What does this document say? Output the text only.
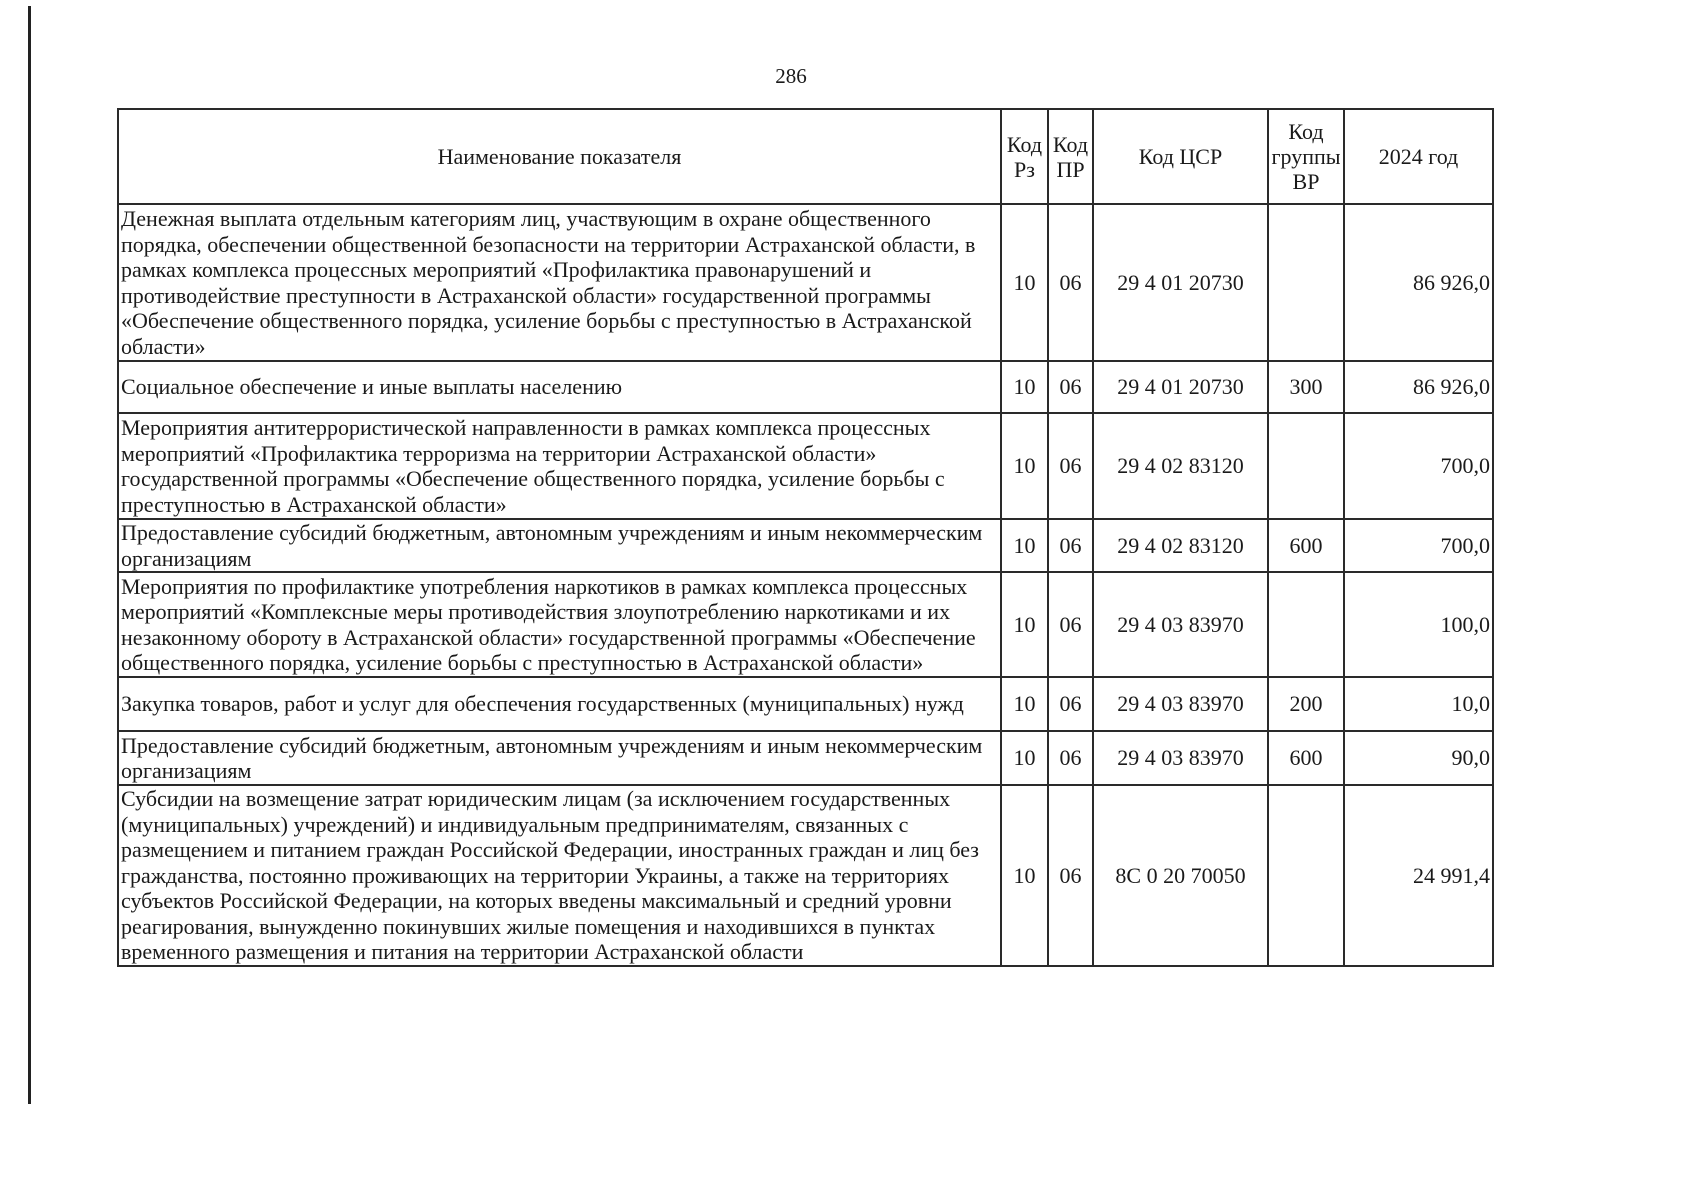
286
Наименование показателя	Код Рз	Код ПР	Код ЦСР	Код группы ВР	2024 год
Денежная выплата отдельным категориям лиц, участвующим в охране общественного порядка, обеспечении общественной безопасности на территории Астраханской области, в рамках комплекса процессных мероприятий «Профилактика правонарушений и противодействие преступности в Астраханской области» государственной программы «Обеспечение общественного порядка, усиление борьбы с преступностью в Астраханской области»	10	06	29 4 01 20730		86 926,0
Социальное обеспечение и иные выплаты населению	10	06	29 4 01 20730	300	86 926,0
Мероприятия антитеррористической направленности в рамках комплекса процессных мероприятий «Профилактика терроризма на территории Астраханской области» государственной программы «Обеспечение общественного порядка, усиление борьбы с преступностью в Астраханской области»	10	06	29 4 02 83120		700,0
Предоставление субсидий бюджетным, автономным учреждениям и иным некоммерческим организациям	10	06	29 4 02 83120	600	700,0
Мероприятия по профилактике употребления наркотиков в рамках комплекса процессных мероприятий «Комплексные меры противодействия злоупотреблению наркотиками и их незаконному обороту в Астраханской области» государственной программы «Обеспечение общественного порядка, усиление борьбы с преступностью в Астраханской области»	10	06	29 4 03 83970		100,0
Закупка товаров, работ и услуг для обеспечения государственных (муниципальных) нужд	10	06	29 4 03 83970	200	10,0
Предоставление субсидий бюджетным, автономным учреждениям и иным некоммерческим организациям	10	06	29 4 03 83970	600	90,0
Субсидии на возмещение затрат юридическим лицам (за исключением государственных (муниципальных) учреждений) и индивидуальным предпринимателям, связанных с размещением и питанием граждан Российской Федерации, иностранных граждан и лиц без гражданства, постоянно проживающих на территории Украины, а также на территориях субъектов Российской Федерации, на которых введены максимальный и средний уровни реагирования, вынужденно покинувших жилые помещения и находившихся в пунктах временного размещения и питания на территории Астраханской области	10	06	8С 0 20 70050		24 991,4
